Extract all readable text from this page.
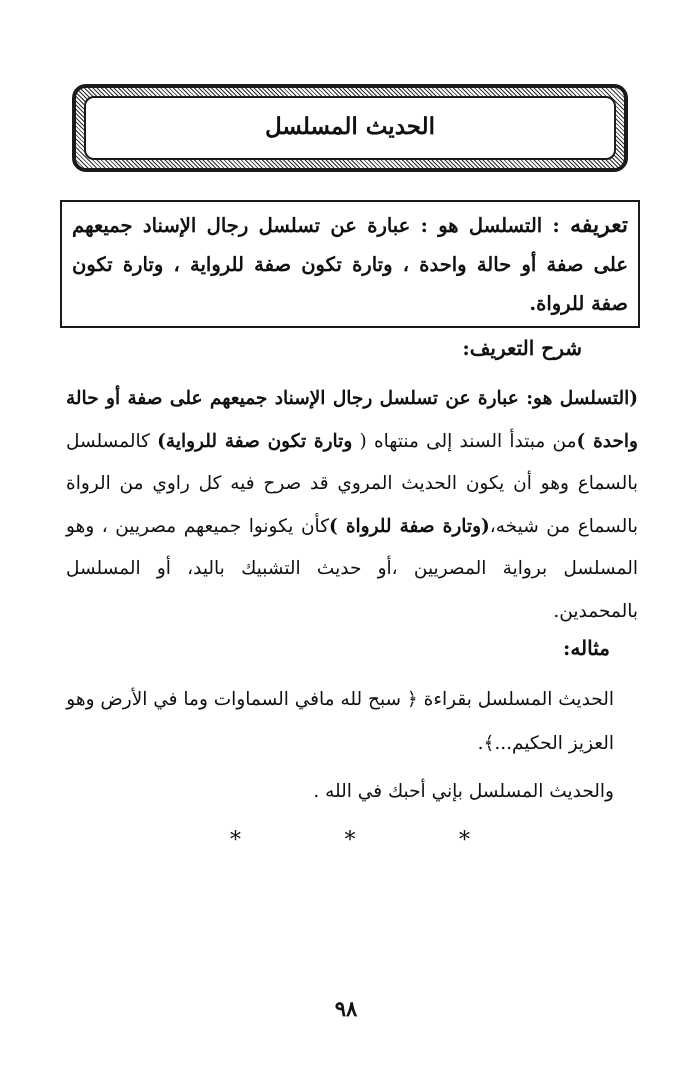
الحديث المسلسل
تعريفه : التسلسل هو : عبارة عن تسلسل رجال الإسناد جميعهم على صفة أو حالة واحدة ، وتارة تكون صفة للرواية ، وتارة تكون صفة للرواة.
شرح التعريف:
(التسلسل هو: عبارة عن تسلسل رجال الإسناد جميعهم على صفة أو حالة واحدة )من مبتدأ السند إلى منتهاه ( وتارة تكون صفة للرواية) كالمسلسل بالسماع وهو أن يكون الحديث المروي قد صرح فيه كل راوي من الرواة بالسماع من شيخه،(وتارة صفة للرواة )كأن يكونوا جميعهم مصريين ، وهو المسلسل برواية المصريين ،أو حديث التشبيك باليد، أو المسلسل بالمحمدين.
مثاله:
الحديث المسلسل بقراءة ﴿ سبح لله مافي السماوات وما في الأرض وهو العزيز الحكيم...﴾.
والحديث المسلسل بإني أحبك في الله .
*	*	*
٩٨
